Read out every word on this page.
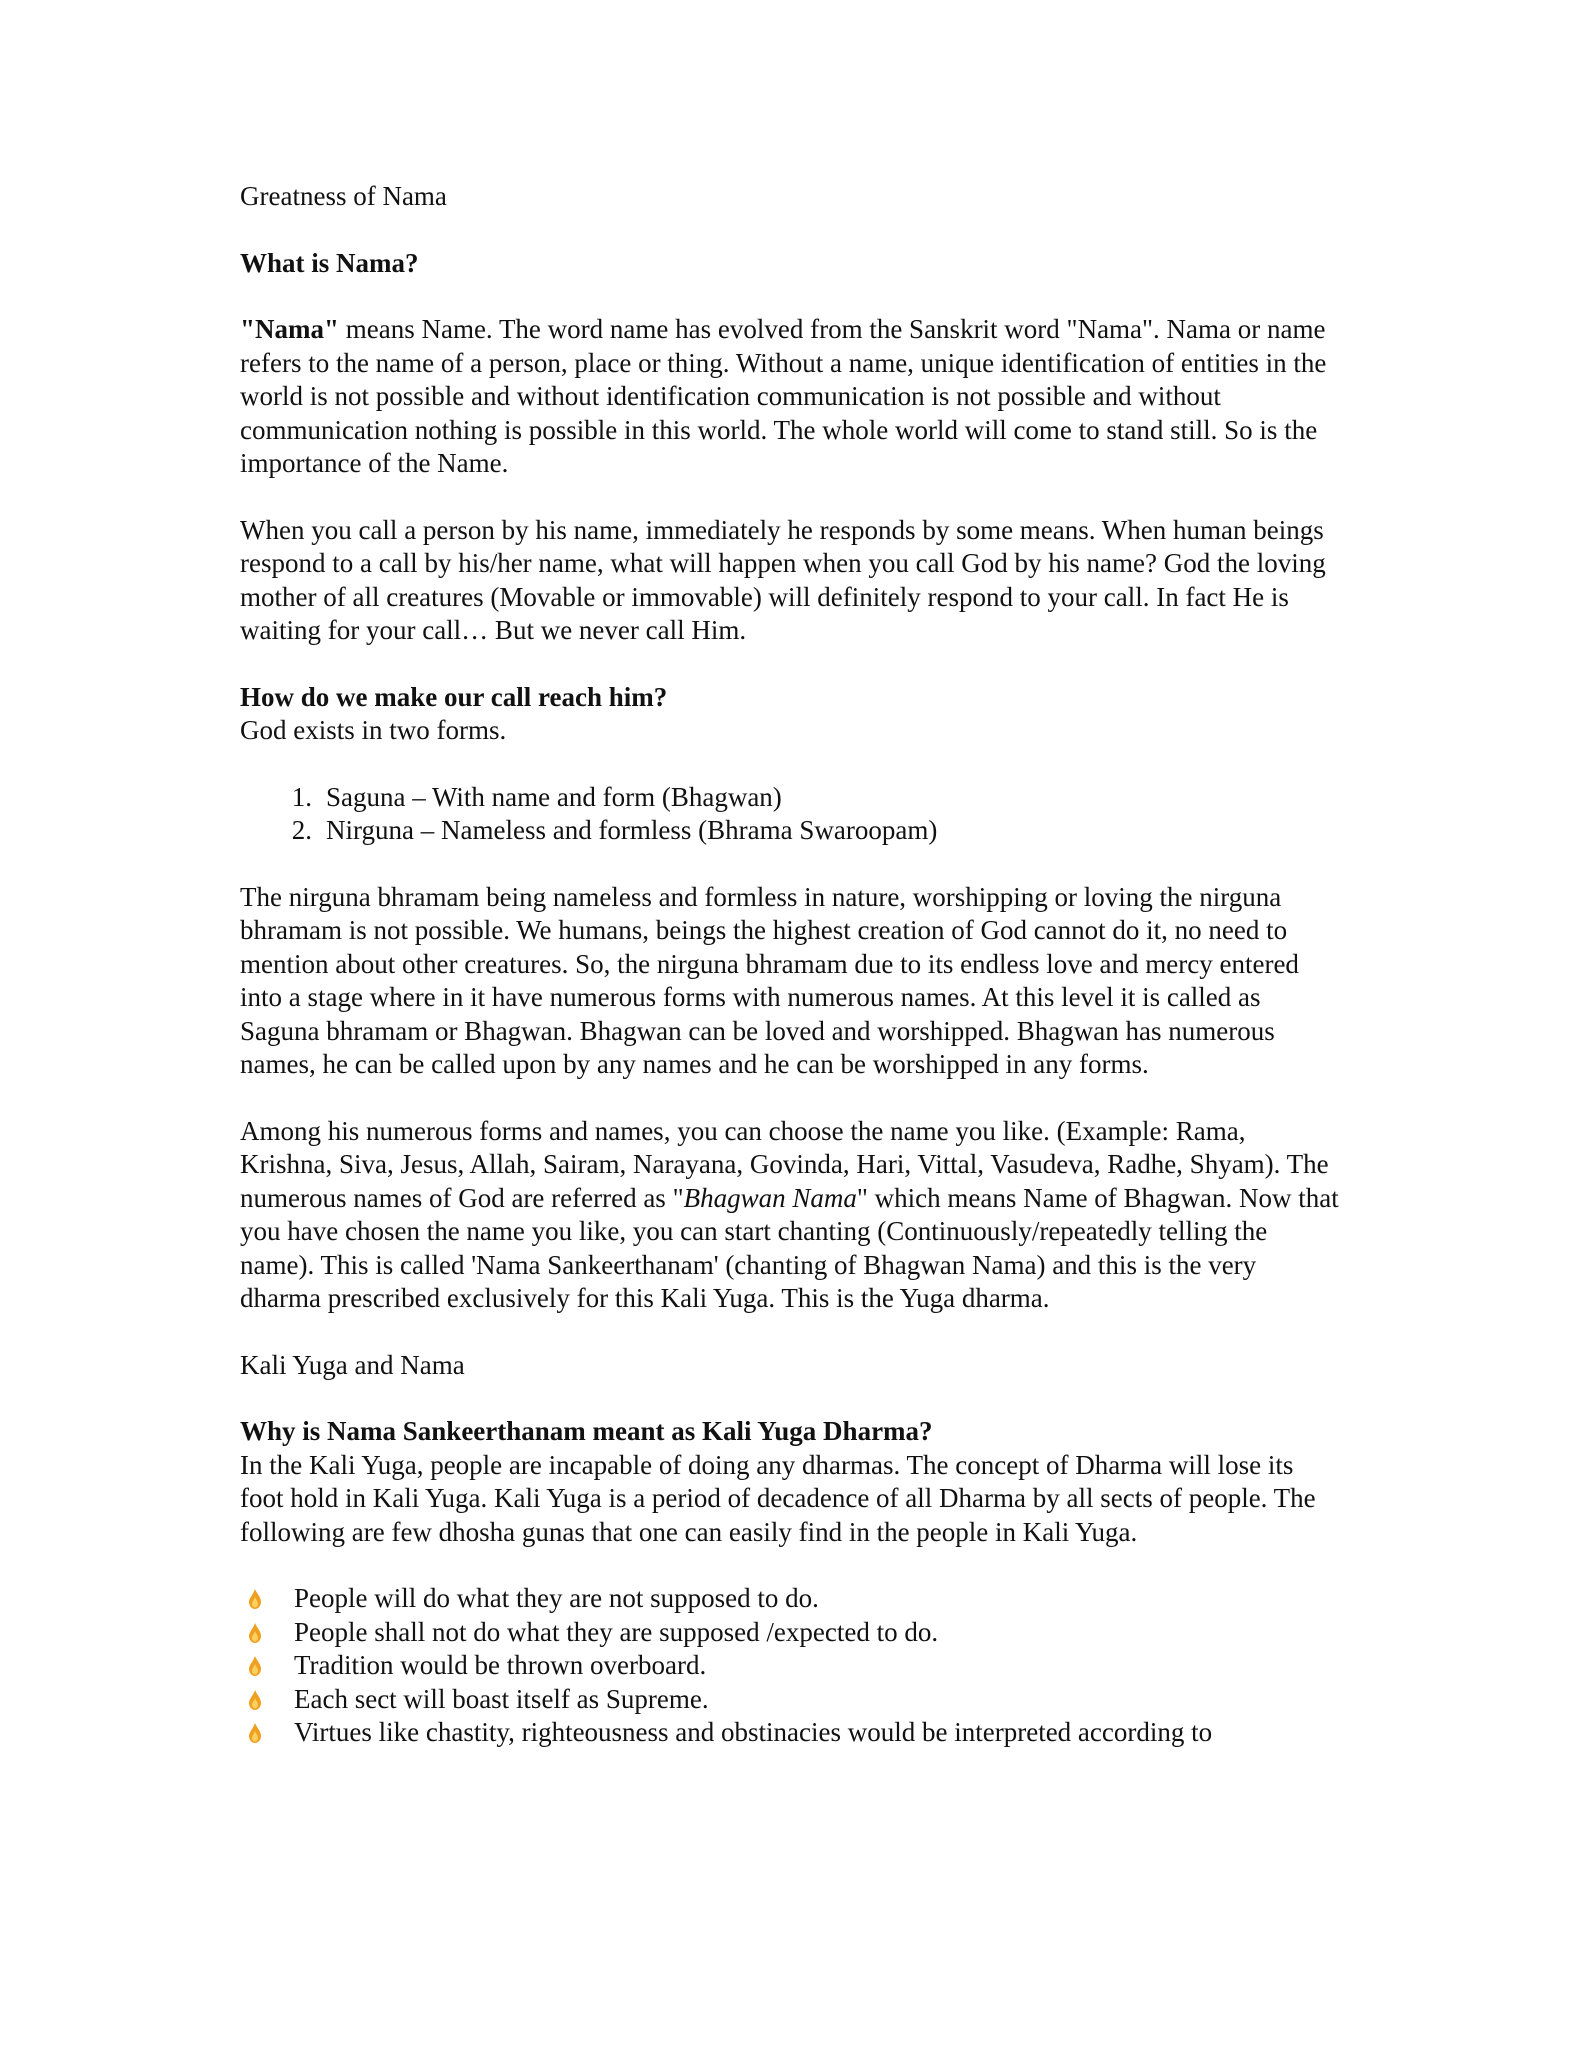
Greatness of Nama

What is Nama?

"Nama" means Name. The word name has evolved from the Sanskrit word "Nama". Nama or name refers to the name of a person, place or thing. Without a name, unique identification of entities in the world is not possible and without identification communication is not possible and without communication nothing is possible in this world. The whole world will come to stand still. So is the importance of the Name.

When you call a person by his name, immediately he responds by some means. When human beings respond to a call by his/her name, what will happen when you call God by his name? God the loving mother of all creatures (Movable or immovable) will definitely respond to your call. In fact He is waiting for your call… But we never call Him.

How do we make our call reach him?

God exists in two forms.

1. Saguna – With name and form (Bhagwan)
2. Nirguna – Nameless and formless (Bhrama Swaroopam)

The nirguna bhramam being nameless and formless in nature, worshipping or loving the nirguna bhramam is not possible. We humans, beings the highest creation of God cannot do it, no need to mention about other creatures. So, the nirguna bhramam due to its endless love and mercy entered into a stage where in it have numerous forms with numerous names. At this level it is called as Saguna bhramam or Bhagwan. Bhagwan can be loved and worshipped. Bhagwan has numerous names, he can be called upon by any names and he can be worshipped in any forms.

Among his numerous forms and names, you can choose the name you like. (Example: Rama, Krishna, Siva, Jesus, Allah, Sairam, Narayana, Govinda, Hari, Vittal, Vasudeva, Radhe, Shyam). The numerous names of God are referred as "Bhagwan Nama" which means Name of Bhagwan. Now that you have chosen the name you like, you can start chanting (Continuously/repeatedly telling the name). This is called 'Nama Sankeerthanam' (chanting of Bhagwan Nama) and this is the very dharma prescribed exclusively for this Kali Yuga. This is the Yuga dharma.

Kali Yuga and Nama

Why is Nama Sankeerthanam meant as Kali Yuga Dharma?

In the Kali Yuga, people are incapable of doing any dharmas. The concept of Dharma will lose its foot hold in Kali Yuga. Kali Yuga is a period of decadence of all Dharma by all sects of people. The following are few dhosha gunas that one can easily find in the people in Kali Yuga.

People will do what they are not supposed to do.
People shall not do what they are supposed /expected to do.
Tradition would be thrown overboard.
Each sect will boast itself as Supreme.
Virtues like chastity, righteousness and obstinacies would be interpreted according to
